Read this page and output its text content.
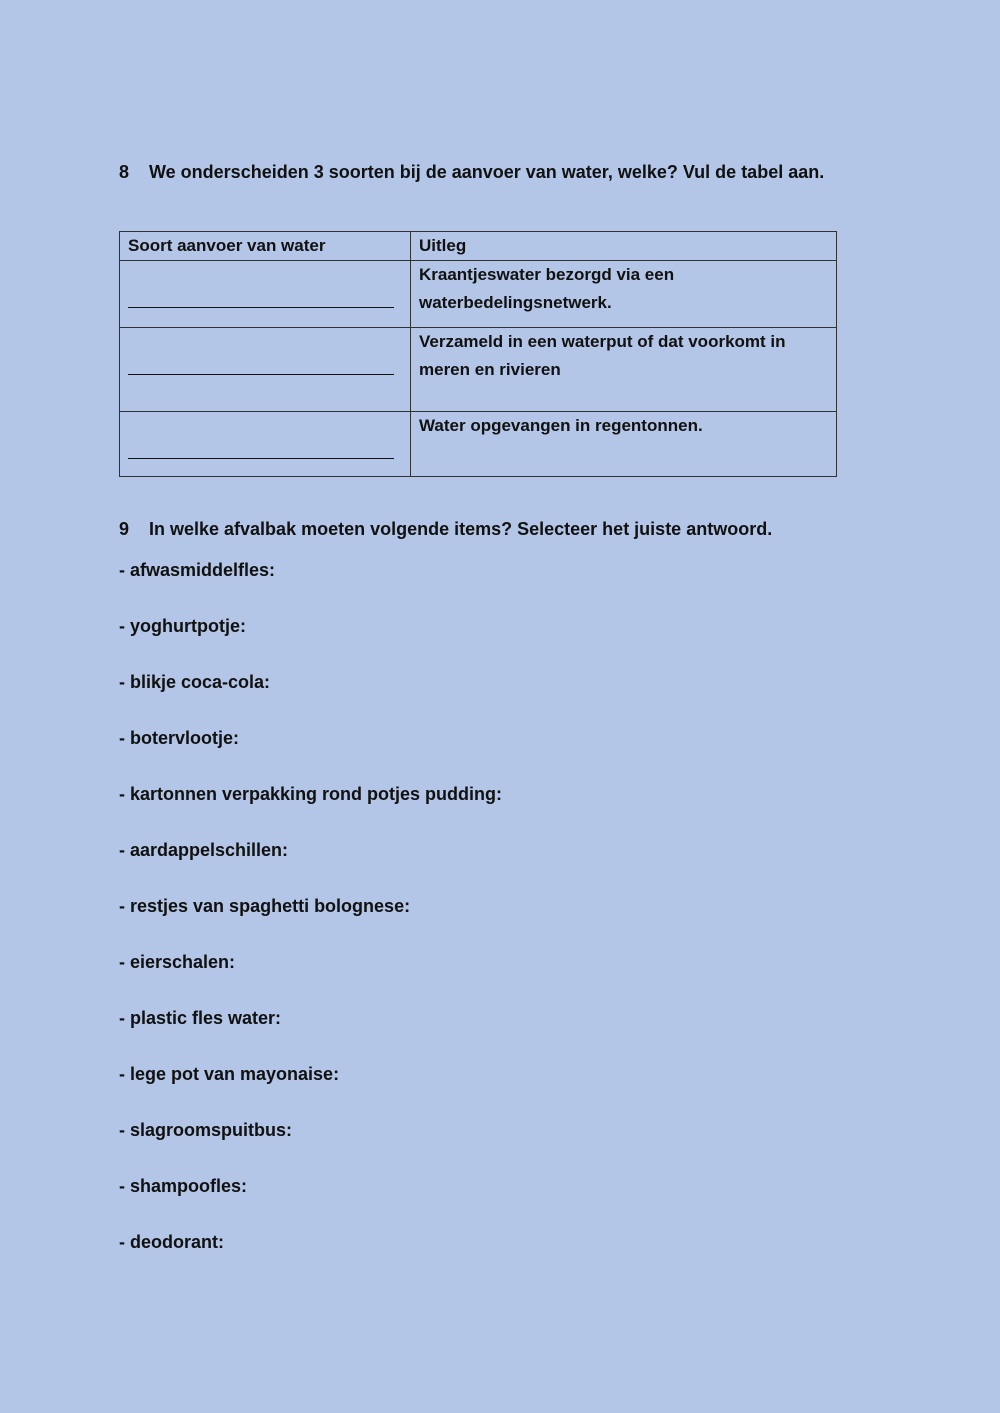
8 We onderscheiden 3 soorten bij de aanvoer van water, welke? Vul de tabel aan.
Soort aanvoer van water	Uitleg

	Kraantjeswater bezorgd via een waterbedelingsnetwerk.

	Verzameld in een waterput of dat voorkomt in meren en rivieren

	Water opgevangen in regentonnen.
9 In welke afvalbak moeten volgende items? Selecteer het juiste antwoord.
- afwasmiddelfles:
- yoghurtpotje:
- blikje coca-cola:
- botervlootje:
- kartonnen verpakking rond potjes pudding:
- aardappelschillen:
- restjes van spaghetti bolognese:
- eierschalen:
- plastic fles water:
- lege pot van mayonaise:
- slagroomspuitbus:
- shampoofles:
- deodorant:
